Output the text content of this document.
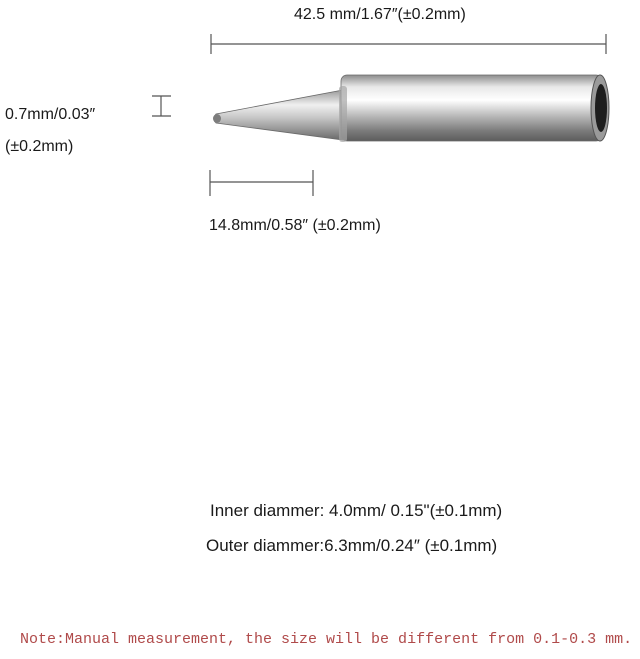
42.5 mm/1.67″(±0.2mm)
0.7mm/0.03″
(±0.2mm)
14.8mm/0.58″ (±0.2mm)
Inner diammer: 4.0mm/ 0.15"(±0.1mm)
Outer diammer:6.3mm/0.24″ (±0.1mm)
Note:Manual measurement, the size will be different from 0.1-0.3 mm.
